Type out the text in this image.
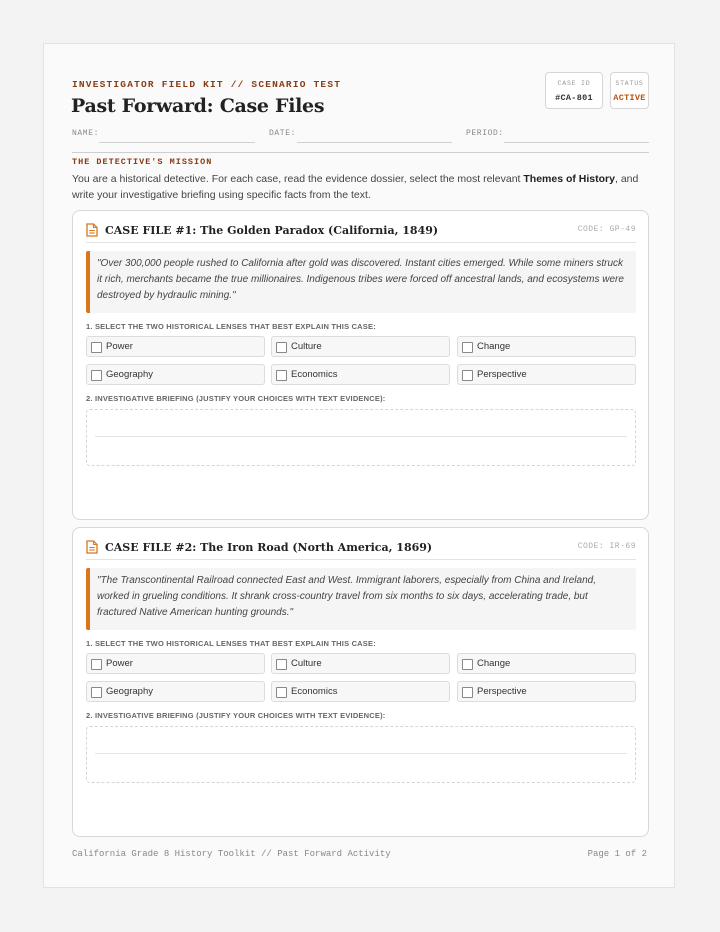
INVESTIGATOR FIELD KIT // SCENARIO TEST
Past Forward: Case Files
CASE ID
#CA-801
STATUS
ACTIVE
NAME:	DATE:	PERIOD:
THE DETECTIVE'S MISSION
You are a historical detective. For each case, read the evidence dossier, select the most relevant Themes of History, and write your investigative briefing using specific facts from the text.
CASE FILE #1: The Golden Paradox (California, 1849)	CODE: GP-49

"Over 300,000 people rushed to California after gold was discovered. Instant cities emerged. While some miners struck it rich, merchants became the true millionaires. Indigenous tribes were forced off ancestral lands, and ecosystems were destroyed by hydraulic mining."

1. SELECT THE TWO HISTORICAL LENSES THAT BEST EXPLAIN THIS CASE:
Power	Culture	Change
Geography	Economics	Perspective
2. INVESTIGATIVE BRIEFING (JUSTIFY YOUR CHOICES WITH TEXT EVIDENCE):
CASE FILE #2: The Iron Road (North America, 1869)	CODE: IR-69

"The Transcontinental Railroad connected East and West. Immigrant laborers, especially from China and Ireland, worked in grueling conditions. It shrank cross-country travel from six months to six days, accelerating trade, but fractured Native American hunting grounds."

1. SELECT THE TWO HISTORICAL LENSES THAT BEST EXPLAIN THIS CASE:
Power	Culture	Change
Geography	Economics	Perspective
2. INVESTIGATIVE BRIEFING (JUSTIFY YOUR CHOICES WITH TEXT EVIDENCE):
California Grade 8 History Toolkit // Past Forward Activity	Page 1 of 2
